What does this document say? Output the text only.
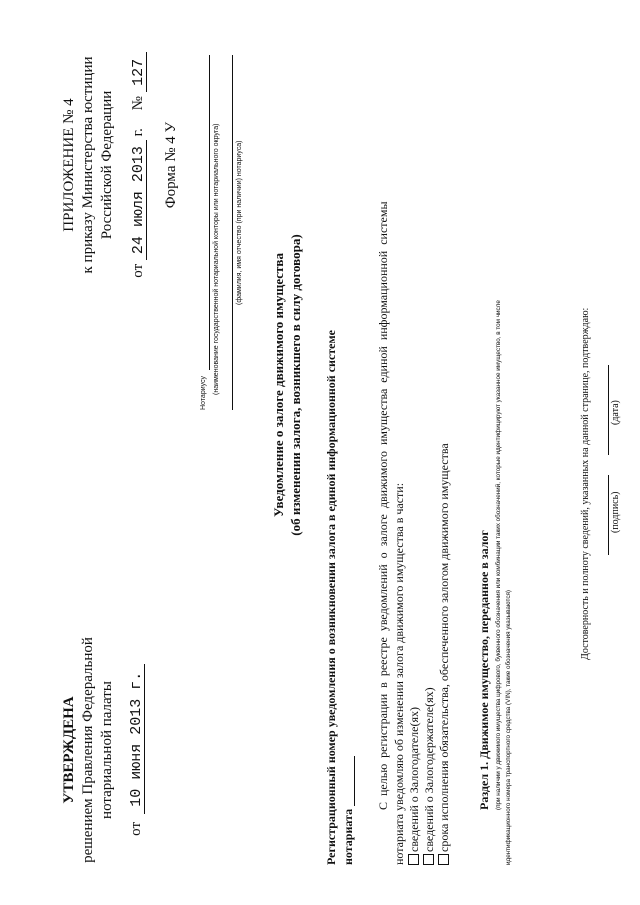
УТВЕРЖДЕНА решением Правления Федеральной нотариальной палаты
от 10 июня 2013 г.
ПРИЛОЖЕНИЕ № 4 к приказу Министерства юстиции Российской Федерации
от 24 июля 2013 г. № 127
Форма № 4 У
Нотариусу (наименование государственной нотариальной конторы или нотариального округа) (фамилия, имя отчество (при наличии) нотариуса)
Уведомление о залоге движимого имущества (об изменении залога, возникшего в силу договора) Регистрационный номер уведомления о возникновении залога в единой информационной системе нотариата
С целью регистрации в реестре уведомлений о залоге движимого имущества единой информационной системы нотариата уведомляю об изменении залога движимого имущества в части: сведений о Залогодателе(ях) сведений о Залогодержателе(ях) срока исполнения обязательства, обеспеченного залогом движимого имущества Раздел 1. Движимое имущество, переданное в залог (при наличии у движимого имущества цифрового, буквенного обозначения или комбинации таких обозначений, которые идентифицируют указанное имущество, в том числе идентификационного номера транспортного средства (VIN), такие обозначения указываются)
Достоверность и полноту сведений, указанных на данной странице, подтверждаю: (подпись)
(дата)
